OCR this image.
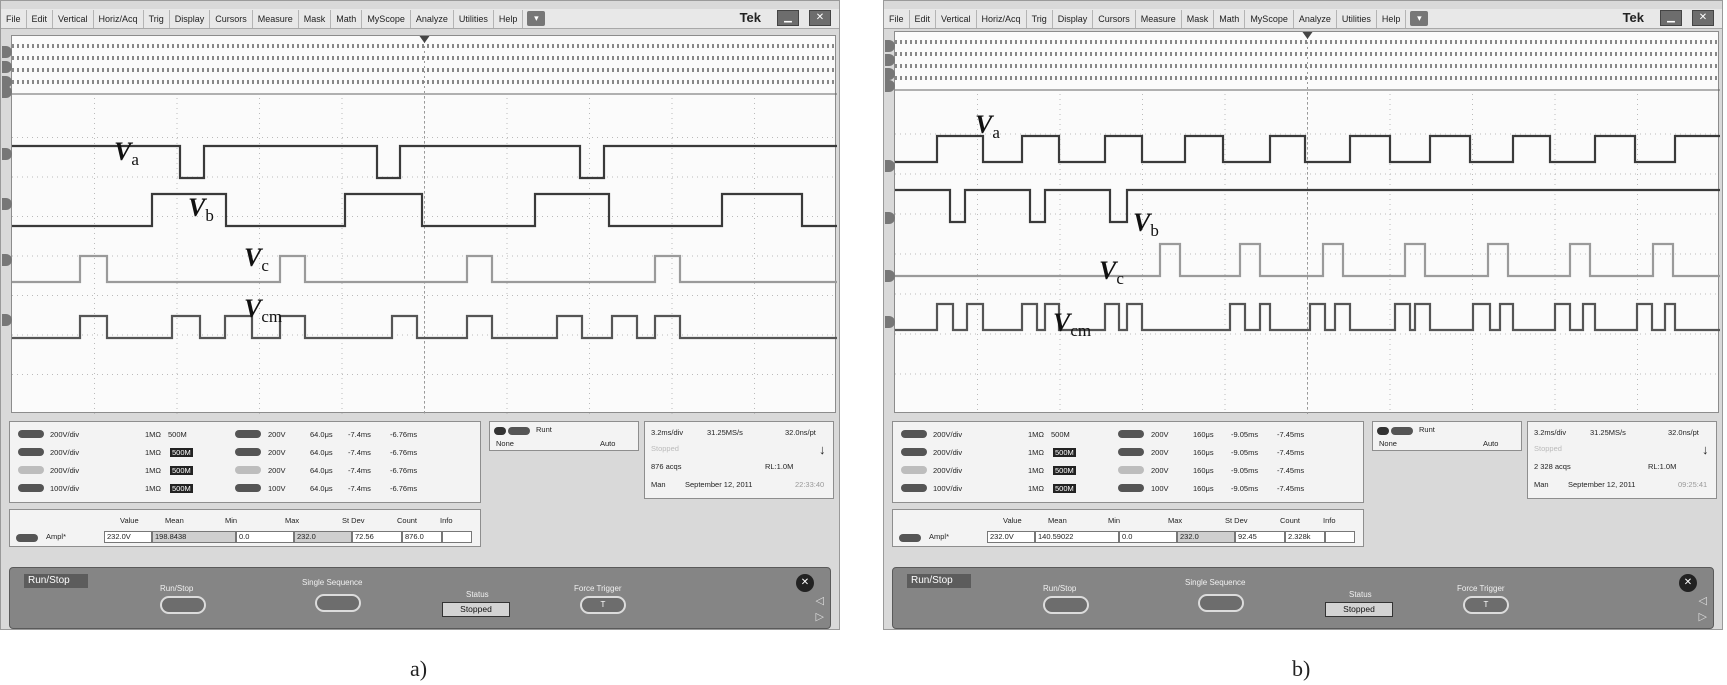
File	Edit	Vertical	Horiz/Acq	Trig	Display	Cursors	Measure	Mask	Math	MyScope	Analyze	Utilities	Help	▾	Tek	▁	✕
$V_a$
$V_b$
$V_c$
$V_{cm}$
200V/div	1MΩ 500M	200V	64.0μs -7.4ms	-6.76ms
200V/div	1MΩ	500M	200V	64.0μs -7.4ms	-6.76ms
200V/div	1MΩ	500M	200V	64.0μs -7.4ms	-6.76ms
100V/div	1MΩ	500M	100V	64.0μs -7.4ms	-6.76ms
Runt
None	Auto
3.2ms/div	31.25MS/s	32.0ns/pt
Stopped	↓
876 acqs	RL:1.0M
Man	September 12, 2011	22:33:40
Value	Mean	Min	Max	St Dev	Count	Info
Ampl*	232.0V	198.8438	0.0	232.0	72.56	876.0
Run/Stop
Run/Stop
Single Sequence
Status
Stopped
Force Trigger
T
✕
◁
▷
File	Edit	Vertical	Horiz/Acq	Trig	Display	Cursors	Measure	Mask	Math	MyScope	Analyze	Utilities	Help	▾	Tek	▁	✕
$V_a$
$V_b$
$V_c$
$V_{cm}$
200V/div	1MΩ 500M	200V	160μs -9.05ms	-7.45ms
200V/div	1MΩ	500M	200V	160μs -9.05ms	-7.45ms
200V/div	1MΩ	500M	200V	160μs -9.05ms	-7.45ms
100V/div	1MΩ	500M	100V	160μs -9.05ms	-7.45ms
Runt
None	Auto
3.2ms/div	31.25MS/s	32.0ns/pt
Stopped	↓
2 328 acqs	RL:1.0M
Man	September 12, 2011	09:25:41
Value	Mean	Min	Max	St Dev	Count	Info
Ampl*	232.0V	140.59022	0.0	232.0	92.45	2.328k
Run/Stop
Run/Stop
Single Sequence
Status
Stopped
Force Trigger
T
✕
◁
▷
a)	b)
